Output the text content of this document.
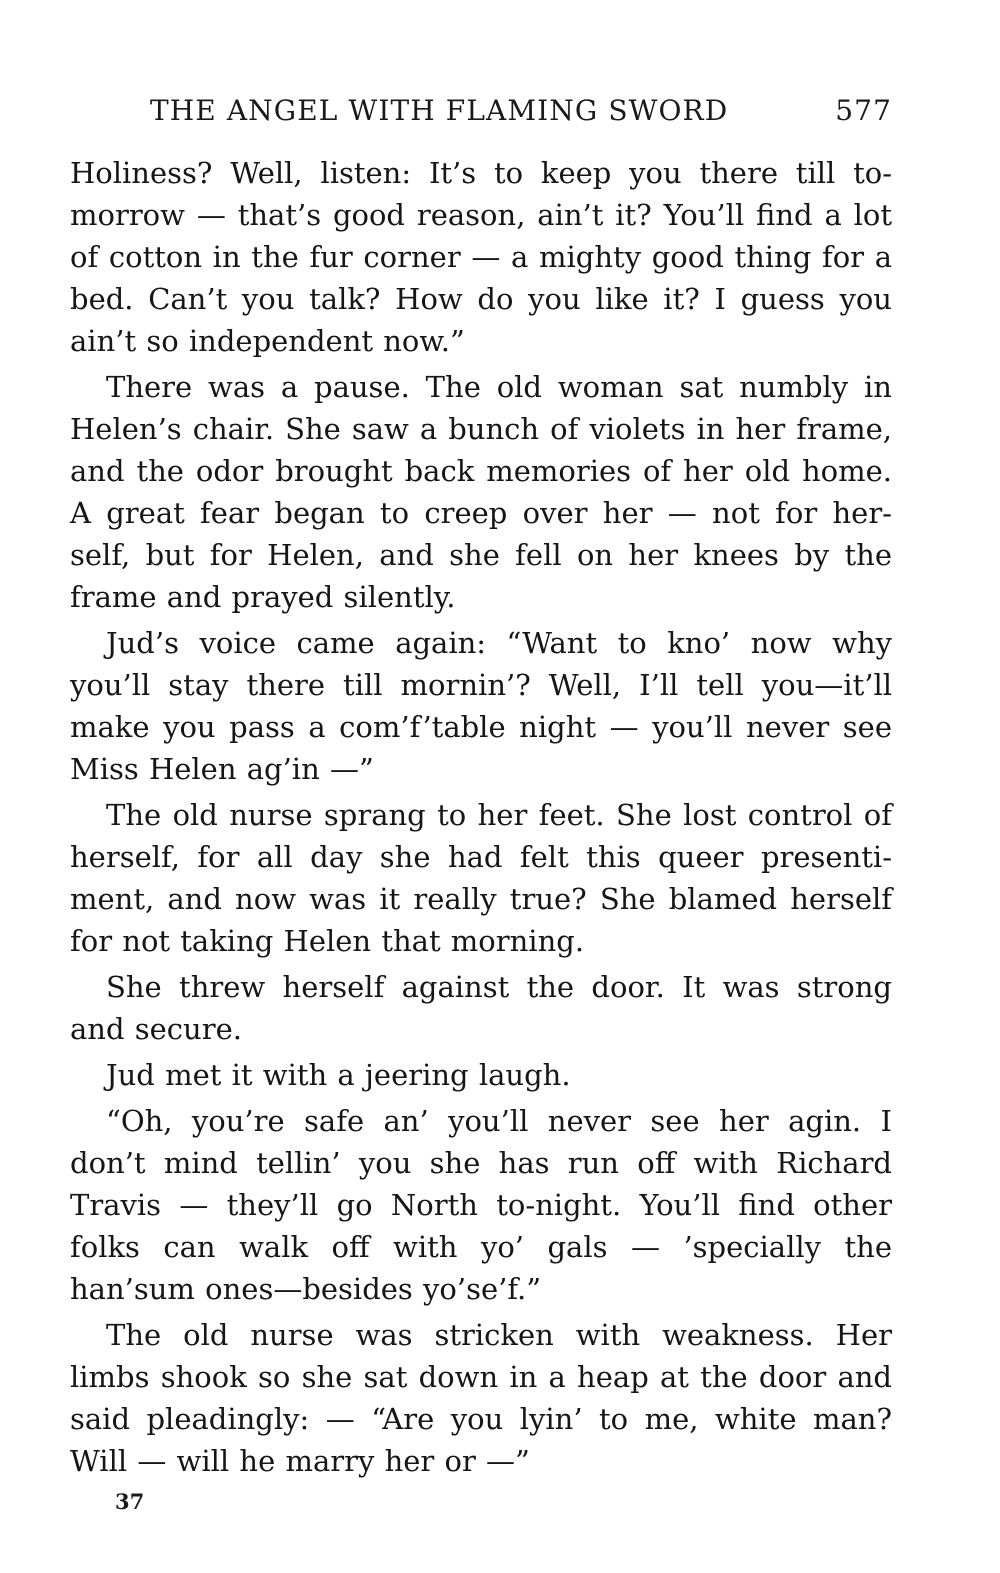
THE ANGEL WITH FLAMING SWORD	577

Holiness? Well, listen: It’s to keep you there till to-morrow — that’s good reason, ain’t it? You’ll find a lot of cotton in the fur corner — a mighty good thing for a bed. Can’t you talk? How do you like it? I guess you ain’t so independent now.”

There was a pause. The old woman sat numbly in Helen’s chair. She saw a bunch of violets in her frame, and the odor brought back memories of her old home. A great fear began to creep over her — not for her-self, but for Helen, and she fell on her knees by the frame and prayed silently.

Jud’s voice came again: “Want to kno’ now why you’ll stay there till mornin’? Well, I’ll tell you—it’ll make you pass a com’f’table night — you’ll never see Miss Helen ag’in —”

The old nurse sprang to her feet. She lost control of herself, for all day she had felt this queer presenti-ment, and now was it really true? She blamed herself for not taking Helen that morning.

She threw herself against the door. It was strong and secure.

Jud met it with a jeering laugh.

“Oh, you’re safe an’ you’ll never see her agin. I don’t mind tellin’ you she has run off with Richard Travis — they’ll go North to-night. You’ll find other folks can walk off with yo’ gals — ’specially the han’sum ones—besides yo’se’f.”

The old nurse was stricken with weakness. Her limbs shook so she sat down in a heap at the door and said pleadingly: — “Are you lyin’ to me, white man? Will — will he marry her or —”

37
